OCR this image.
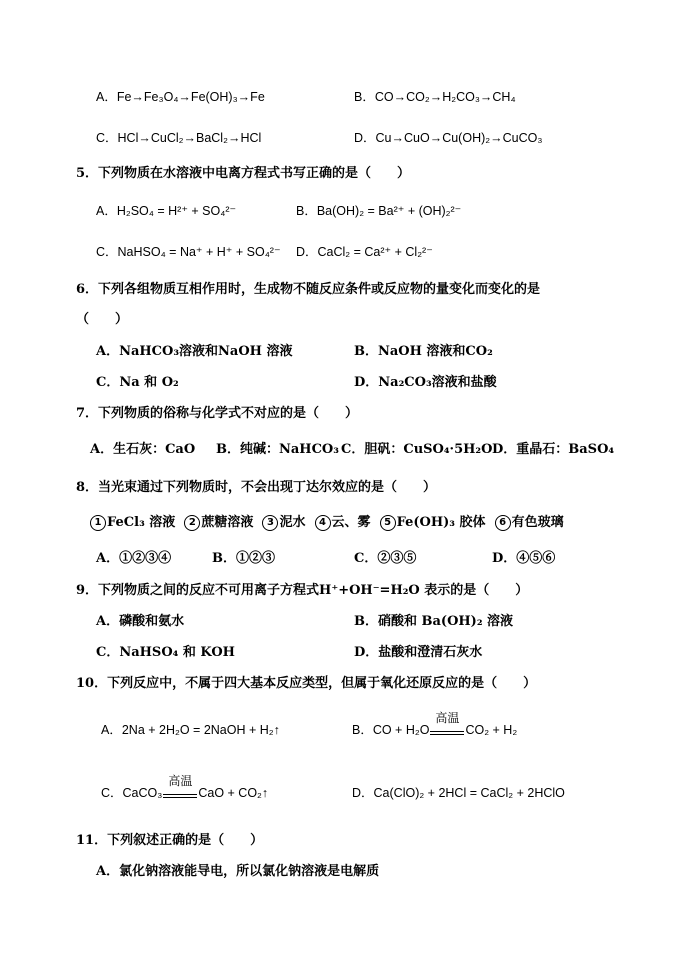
A．Fe→Fe₃O₄→Fe(OH)₃→Fe	B．CO→CO₂→H₂CO₃→CH₄
C．HCl→CuCl₂→BaCl₂→HCl	D．Cu→CuO→Cu(OH)₂→CuCO₃
5．下列物质在水溶液中电离方程式书写正确的是（　　）
A．H₂SO₄ = H²⁺ + SO₄²⁻	B．Ba(OH)₂ = Ba²⁺ + (OH)₂²⁻
C．NaHSO₄ = Na⁺ + H⁺ + SO₄²⁻ D．CaCl₂ = Ca²⁺ + Cl₂²⁻
6．下列各组物质互相作用时，生成物不随反应条件或反应物的量变化而变化的是
（　　）
A．NaHCO₃溶液和NaOH 溶液	B．NaOH 溶液和CO₂
C．Na 和 O₂	D．Na₂CO₃溶液和盐酸
7．下列物质的俗称与化学式不对应的是（　　）
A．生石灰：CaO B．纯碱：NaHCO₃ C．胆矾：CuSO₄·5H₂O D．重晶石：BaSO₄
8．当光束通过下列物质时，不会出现丁达尔效应的是（　　）
1 FeCl₃ 溶液 2 蔗糖溶液 3 泥水 4 云、雾 5 Fe(OH)₃ 胶体 6 有色玻璃
A．①②③④	B．①②③	C．②③⑤	D．④⑤⑥
9．下列物质之间的反应不可用离子方程式H⁺+OH⁻=H₂O 表示的是（　　）
A．磷酸和氨水	B．硝酸和 Ba(OH)₂ 溶液
C．NaHSO₄ 和 KOH	D．盐酸和澄清石灰水
10．下列反应中，不属于四大基本反应类型，但属于氧化还原反应的是（　　）
A．2Na + 2H₂O = 2NaOH + H₂↑	B．CO + H₂O
高温
CO₂ + H₂
C．CaCO₃
高温
CaO + CO₂↑	D．Ca(ClO)₂ + 2HCl = CaCl₂ + 2HClO
11．下列叙述正确的是（　　）
A．氯化钠溶液能导电，所以氯化钠溶液是电解质
